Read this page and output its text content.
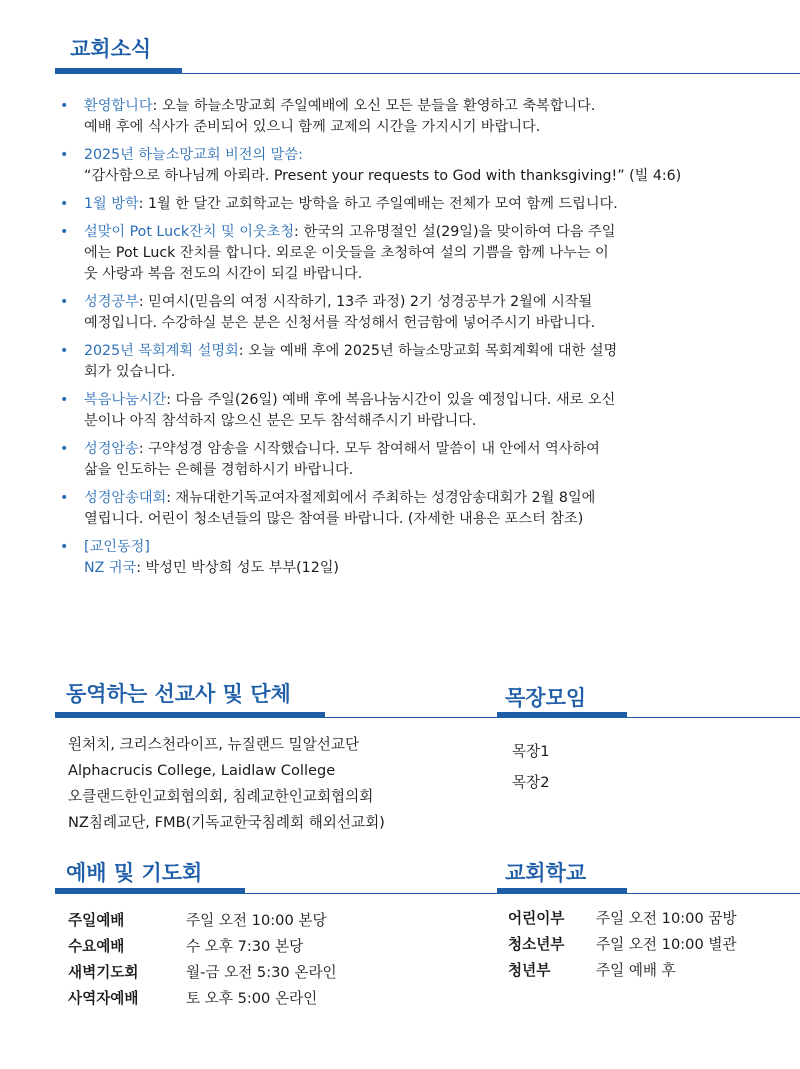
교회소식
• 환영합니다: 오늘 하늘소망교회 주일예배에 오신 모든 분들을 환영하고 축복합니다.
예배 후에 식사가 준비되어 있으니 함께 교제의 시간을 가지시기 바랍니다.
• 2025년 하늘소망교회 비전의 말씀:
“감사함으로 하나님께 아뢰라. Present your requests to God with thanksgiving!” (빌 4:6)
• 1월 방학: 1월 한 달간 교회학교는 방학을 하고 주일예배는 전체가 모여 함께 드립니다.
• 설맞이 Pot Luck잔치 및 이웃초청: 한국의 고유명절인 설(29일)을 맞이하여 다음 주일
에는 Pot Luck 잔치를 합니다. 외로운 이웃들을 초청하여 설의 기쁨을 함께 나누는 이
웃 사랑과 복음 전도의 시간이 되길 바랍니다.
• 성경공부: 믿여시(믿음의 여정 시작하기, 13주 과정) 2기 성경공부가 2월에 시작될
예정입니다. 수강하실 분은 분은 신청서를 작성해서 헌금함에 넣어주시기 바랍니다.
• 2025년 목회계획 설명회: 오늘 예배 후에 2025년 하늘소망교회 목회계획에 대한 설명
회가 있습니다.
• 복음나눔시간: 다음 주일(26일) 예배 후에 복음나눔시간이 있을 예정입니다. 새로 오신
분이나 아직 참석하지 않으신 분은 모두 참석해주시기 바랍니다.
• 성경암송: 구약성경 암송을 시작했습니다. 모두 참여해서 말씀이 내 안에서 역사하여
삶을 인도하는 은혜를 경험하시기 바랍니다.
• 성경암송대회: 재뉴대한기독교여자절제회에서 주최하는 성경암송대회가 2월 8일에
열립니다. 어린이 청소년들의 많은 참여를 바랍니다. (자세한 내용은 포스터 참조)
• [교인동정]
NZ 귀국: 박성민 박상희 성도 부부(12일)
동역하는 선교사 및 단체
원처치, 크리스천라이프, 뉴질랜드 밀알선교단
Alphacrucis College, Laidlaw College
오클랜드한인교회협의회, 침례교한인교회협의회
NZ침례교단, FMB(기독교한국침례회 해외선교회)
목장모임
목장1
목장2
예배 및 기도회
주일예배	주일 오전 10:00 본당
수요예배	수 오후 7:30 본당
새벽기도회	월-금 오전 5:30 온라인
사역자예배	토 오후 5:00 온라인
교회학교
어린이부 주일 오전 10:00 꿈방
청소년부 주일 오전 10:00 별관
청년부	주일 예배 후
